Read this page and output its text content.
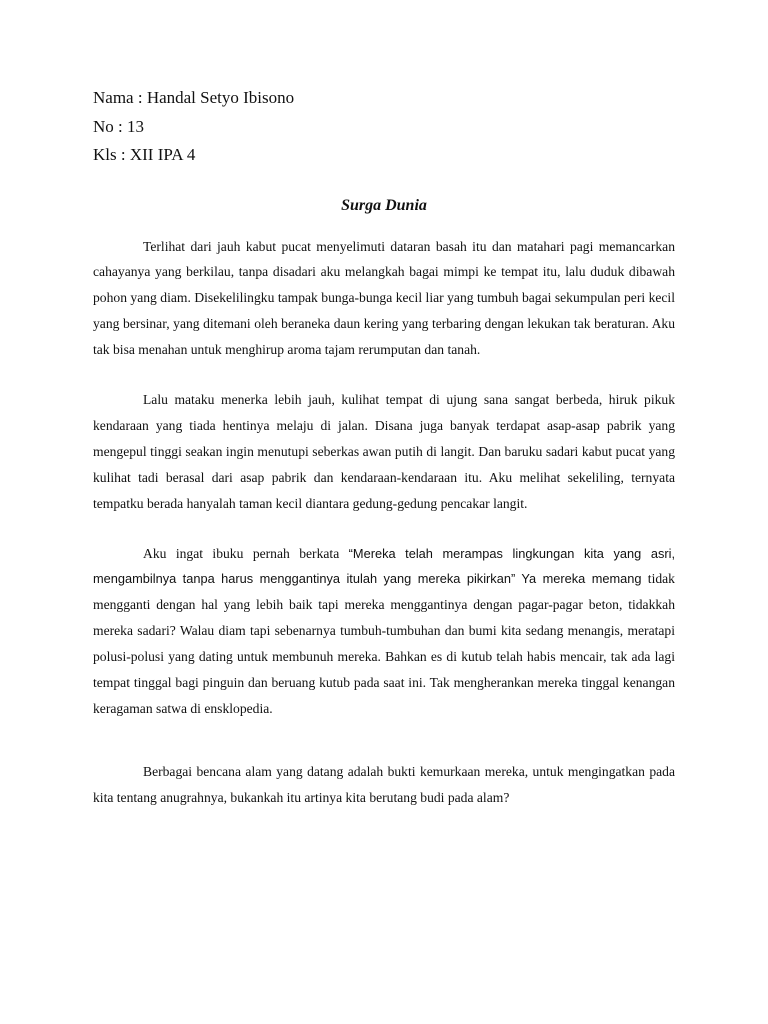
Nama : Handal Setyo Ibisono

No : 13

Kls : XII IPA 4

Surga Dunia

Terlihat dari jauh kabut pucat menyelimuti dataran basah itu dan matahari pagi memancarkan cahayanya yang berkilau, tanpa disadari aku melangkah bagai mimpi ke tempat itu, lalu duduk dibawah pohon yang diam. Disekelilingku tampak bunga-bunga kecil liar yang tumbuh bagai sekumpulan peri kecil yang bersinar, yang ditemani oleh beraneka daun kering yang terbaring dengan lekukan tak beraturan. Aku tak bisa menahan untuk menghirup aroma tajam rerumputan dan tanah.

Lalu mataku menerka lebih jauh, kulihat tempat di ujung sana sangat berbeda, hiruk pikuk kendaraan yang tiada hentinya melaju di jalan. Disana juga banyak terdapat asap-asap pabrik yang mengepul tinggi seakan ingin menutupi seberkas awan putih di langit. Dan baruku sadari kabut pucat yang kulihat tadi berasal dari asap pabrik dan kendaraan-kendaraan itu. Aku melihat sekeliling, ternyata tempatku berada hanyalah taman kecil diantara gedung-gedung pencakar langit.

Aku ingat ibuku pernah berkata “Mereka telah merampas lingkungan kita yang asri, mengambilnya tanpa harus menggantinya itulah yang mereka pikirkan” Ya mereka memang tidak mengganti dengan hal yang lebih baik tapi mereka menggantinya dengan pagar-pagar beton, tidakkah mereka sadari? Walau diam tapi sebenarnya tumbuh-tumbuhan dan bumi kita sedang menangis, meratapi polusi-polusi yang dating untuk membunuh mereka. Bahkan es di kutub telah habis mencair, tak ada lagi tempat tinggal bagi pinguin dan beruang kutub pada saat ini. Tak mengherankan mereka tinggal kenangan keragaman satwa di ensklopedia.

Berbagai bencana alam yang datang adalah bukti kemurkaan mereka, untuk mengingatkan pada kita tentang anugrahnya, bukankah itu artinya kita berutang budi pada alam?
